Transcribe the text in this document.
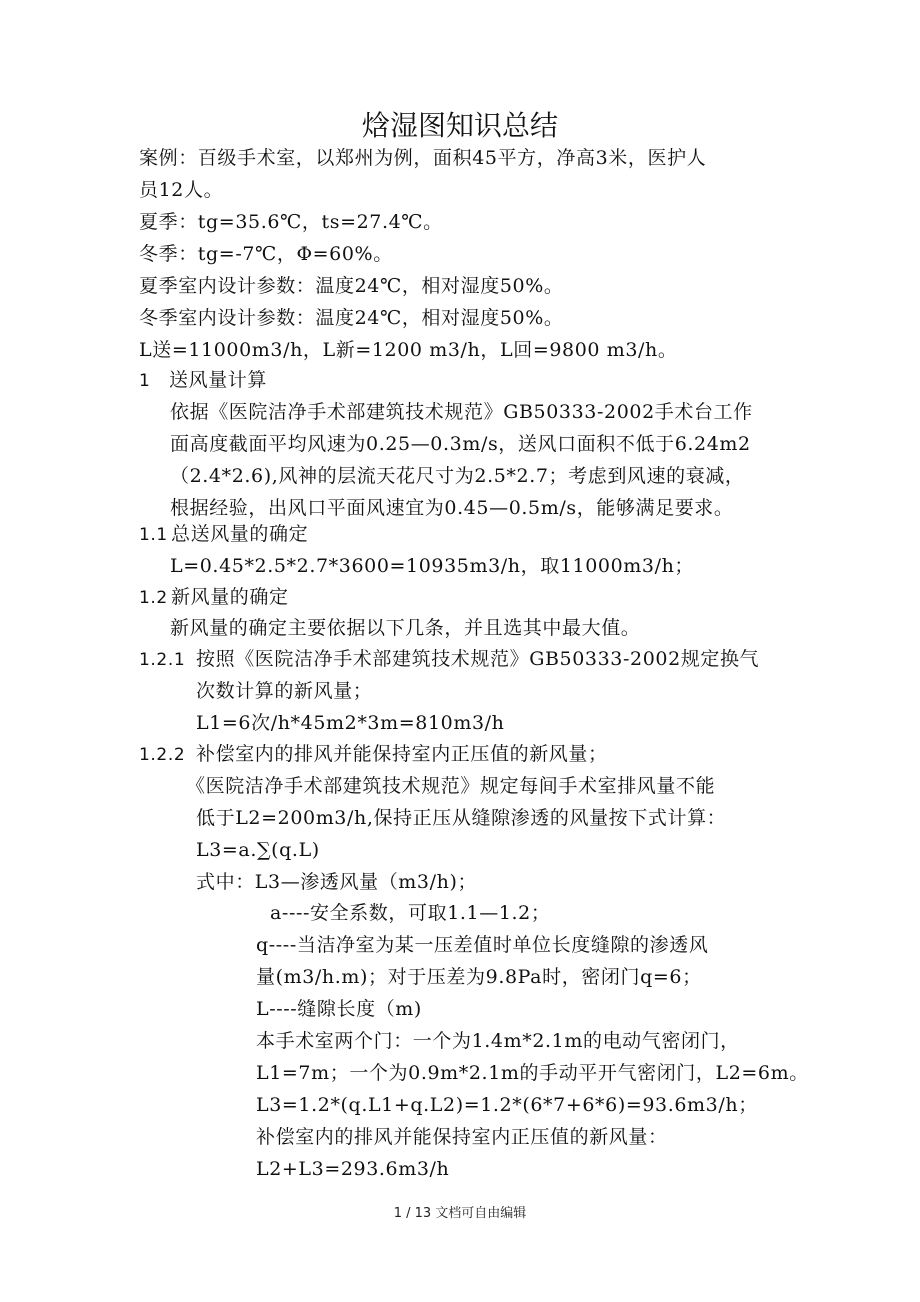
焓湿图知识总结
案例：百级手术室，以郑州为例，面积45平方，净高3米，医护人
员12人。
夏季：tg=35.6℃，ts=27.4℃。
冬季：tg=-7℃，Φ=60%。
夏季室内设计参数：温度24℃，相对湿度50%。
冬季室内设计参数：温度24℃，相对湿度50%。
L送=11000m3/h，L新=1200 m3/h，L回=9800 m3/h。
1 送风量计算
依据《医院洁净手术部建筑技术规范》GB50333-2002手术台工作
面高度截面平均风速为0.25—0.3m/s，送风口面积不低于6.24m2
（2.4*2.6),风神的层流天花尺寸为2.5*2.7；考虑到风速的衰减，
根据经验，出风口平面风速宜为0.45—0.5m/s，能够满足要求。
1.1 总送风量的确定
L=0.45*2.5*2.7*3600=10935m3/h，取11000m3/h；
1.2 新风量的确定
新风量的确定主要依据以下几条，并且选其中最大值。
1.2.1 按照《医院洁净手术部建筑技术规范》GB50333-2002规定换气
次数计算的新风量；
L1=6次/h*45m2*3m=810m3/h
1.2.2 补偿室内的排风并能保持室内正压值的新风量；
《医院洁净手术部建筑技术规范》规定每间手术室排风量不能
低于L2=200m3/h,保持正压从缝隙渗透的风量按下式计算：
L3=a.∑(q.L)
式中：L3—渗透风量（m3/h)；
a----安全系数，可取1.1—1.2；
q----当洁净室为某一压差值时单位长度缝隙的渗透风
量(m3/h.m)；对于压差为9.8Pa时，密闭门q=6；
L----缝隙长度（m)
本手术室两个门：一个为1.4m*2.1m的电动气密闭门，
L1=7m；一个为0.9m*2.1m的手动平开气密闭门，L2=6m。
L3=1.2*(q.L1+q.L2)=1.2*(6*7+6*6)=93.6m3/h；
补偿室内的排风并能保持室内正压值的新风量：
L2+L3=293.6m3/h
1 / 13 文档可自由编辑
